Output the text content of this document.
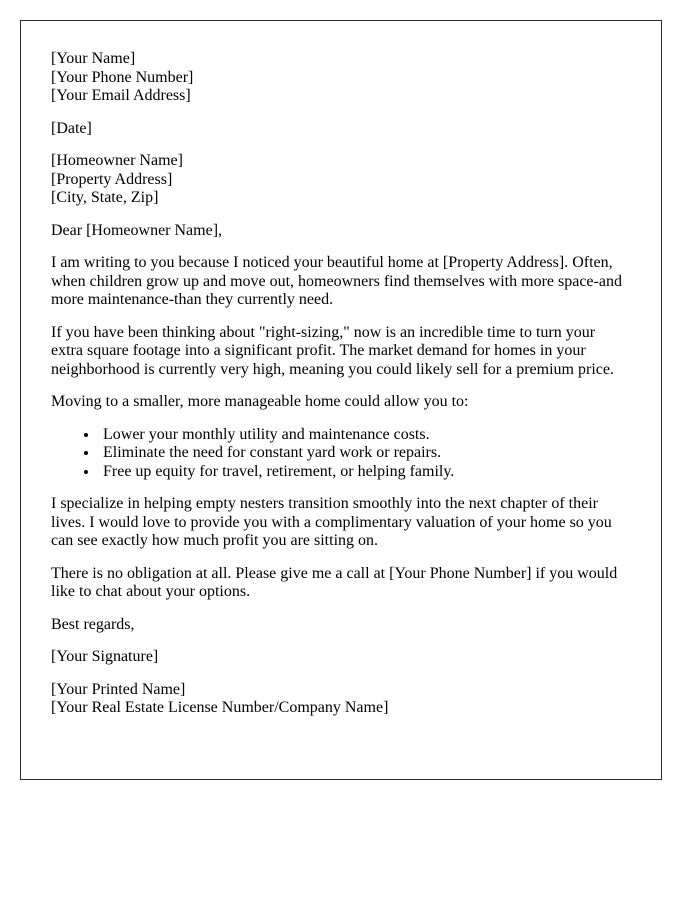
[Your Name]
[Your Phone Number]
[Your Email Address]
[Date]
[Homeowner Name]
[Property Address]
[City, State, Zip]

Dear [Homeowner Name],

I am writing to you because I noticed your beautiful home at [Property Address]. Often, when children grow up and move out, homeowners find themselves with more space-and more maintenance-than they currently need.

If you have been thinking about "right-sizing," now is an incredible time to turn your extra square footage into a significant profit. The market demand for homes in your neighborhood is currently very high, meaning you could likely sell for a premium price.

Moving to a smaller, more manageable home could allow you to:

• Lower your monthly utility and maintenance costs.
• Eliminate the need for constant yard work or repairs.
• Free up equity for travel, retirement, or helping family.

I specialize in helping empty nesters transition smoothly into the next chapter of their lives. I would love to provide you with a complimentary valuation of your home so you can see exactly how much profit you are sitting on.

There is no obligation at all. Please give me a call at [Your Phone Number] if you would like to chat about your options.

Best regards,

[Your Signature]

[Your Printed Name]
[Your Real Estate License Number/Company Name]
